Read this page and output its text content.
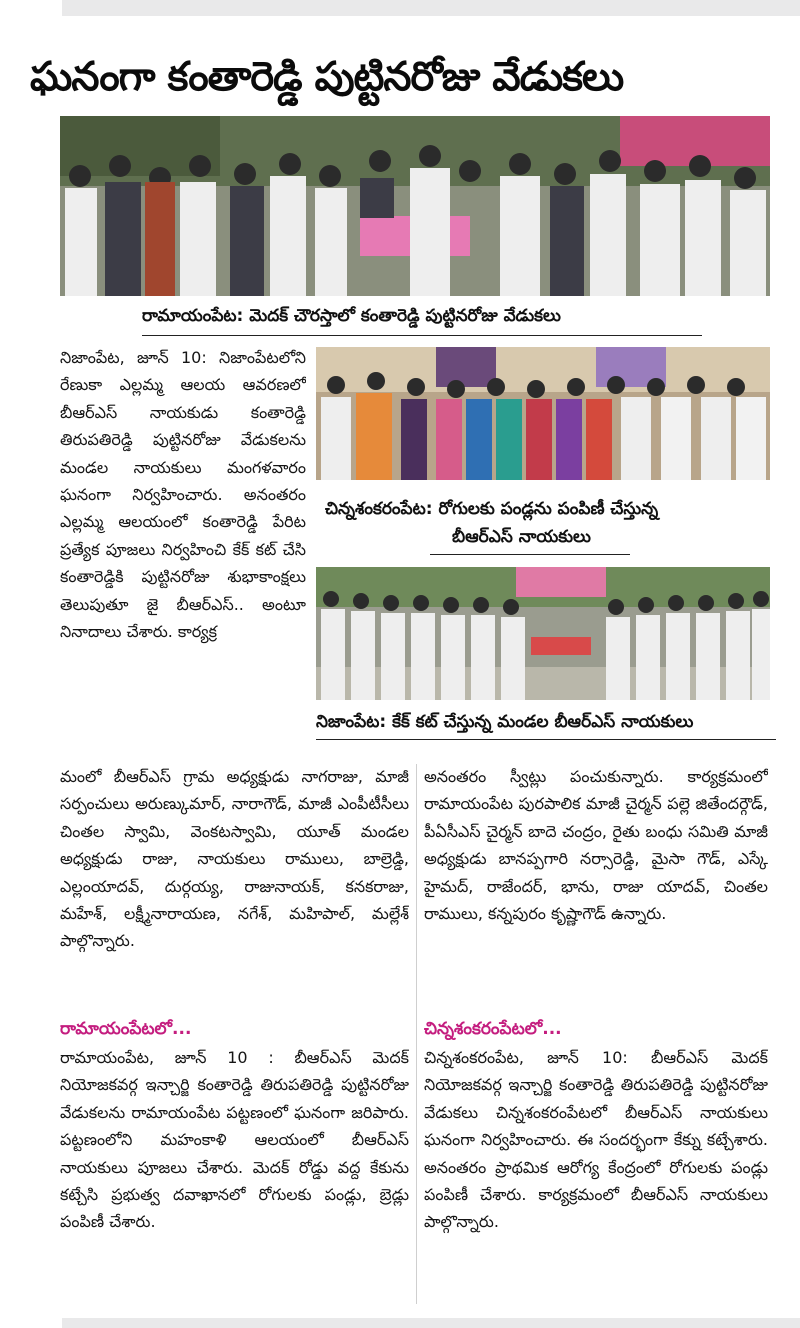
ఘనంగా కంతారెడ్డి పుట్టినరోజు వేడుకలు
రామాయంపేట: మెదక్ చౌరస్తాలో కంతారెడ్డి పుట్టినరోజు వేడుకలు
చిన్నశంకరంపేట: రోగులకు పండ్లను పంపిణీ చేస్తున్న
బీఆర్ఎస్ నాయకులు
నిజాంపేట: కేక్ కట్ చేస్తున్న మండల బీఆర్ఎస్ నాయకులు
నిజాంపేట, జూన్ 10: నిజాంపేటలోని రేణుకా ఎల్లమ్మ ఆలయ ఆవరణలో బీఆర్ఎస్ నాయకుడు కంతారెడ్డి తిరుపతిరెడ్డి పుట్టినరోజు వేడుకలను మండల నాయకులు మంగళవారం ఘనంగా నిర్వహించారు. అనంతరం ఎల్లమ్మ ఆలయంలో కంతారెడ్డి పేరిట ప్రత్యేక పూజలు నిర్వహించి కేక్ కట్ చేసి కంతారెడ్డికి పుట్టినరోజు శుభాకాంక్షలు తెలుపుతూ జై బీఆర్ఎస్.. అంటూ నినాదాలు చేశారు. కార్యక్ర
మంలో బీఆర్ఎస్ గ్రామ అధ్యక్షుడు నాగరాజు, మాజీ సర్పంచులు అరుణ్కుమార్, నారాగౌడ్, మాజీ ఎంపీటీసీలు చింతల స్వామి, వెంకటస్వామి, యూత్ మండల అధ్యక్షుడు రాజు, నాయకులు రాములు, బాల్రెడ్డి, ఎల్లంయాదవ్, దుర్గయ్య, రాజునాయక్, కనకరాజు, మహేశ్, లక్ష్మీనారాయణ, నగేశ్, మహిపాల్, మల్లేశ్ పాల్గొన్నారు.
అనంతరం స్వీట్లు పంచుకున్నారు. కార్యక్రమంలో రామాయంపేట పురపాలిక మాజీ చైర్మన్ పల్లె జితేందర్గౌడ్, పీఏసీఎస్ చైర్మన్ బాదె చంద్రం, రైతు బంధు సమితి మాజీ అధ్యక్షుడు బానప్పగారి నర్సారెడ్డి, మైసా గౌడ్, ఎస్కే హైమద్, రాజేందర్, భాను, రాజు యాదవ్, చింతల రాములు, కన్నపురం కృష్ణాగౌడ్ ఉన్నారు.
రామాయంపేటలో...
రామాయంపేట, జూన్ 10 : బీఆర్ఎస్ మెదక్ నియోజకవర్గ ఇన్చార్జి కంతారెడ్డి తిరుపతిరెడ్డి పుట్టినరోజు వేడుకలను రామాయంపేట పట్టణంలో ఘనంగా జరిపారు. పట్టణంలోని మహంకాళి ఆలయంలో బీఆర్ఎస్ నాయకులు పూజలు చేశారు. మెదక్ రోడ్డు వద్ద కేకును కట్చేసి ప్రభుత్వ దవాఖానలో రోగులకు పండ్లు, బ్రెడ్లు పంపిణీ చేశారు.
చిన్నశంకరంపేటలో...
చిన్నశంకరంపేట, జూన్ 10: బీఆర్ఎస్ మెదక్ నియోజకవర్గ ఇన్చార్జి కంతారెడ్డి తిరుపతిరెడ్డి పుట్టినరోజు వేడుకలు చిన్నశంకరంపేటలో బీఆర్ఎస్ నాయకులు ఘనంగా నిర్వహించారు. ఈ సందర్భంగా కేక్ను కట్చేశారు. అనంతరం ప్రాథమిక ఆరోగ్య కేంద్రంలో రోగులకు పండ్లు పంపిణీ చేశారు. కార్యక్రమంలో బీఆర్ఎస్ నాయకులు పాల్గొన్నారు.
